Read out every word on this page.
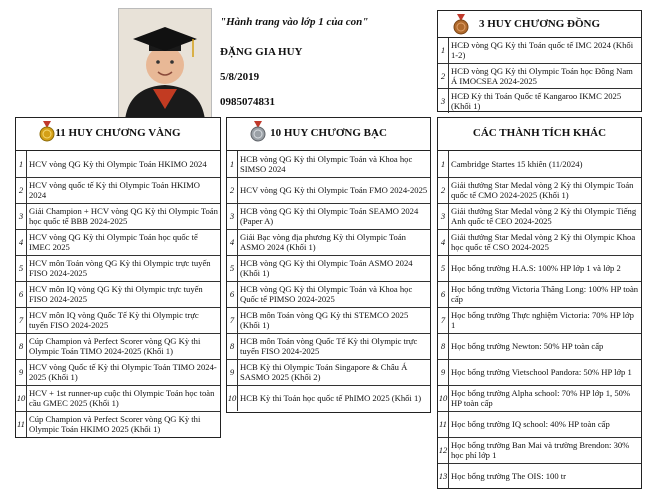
"Hành trang vào lớp 1 của con"
ĐẶNG GIA HUY
5/8/2019
0985074831
3 HUY CHƯƠNG ĐỒNG
1	HCĐ vòng QG Kỳ thi Toán quốc tế IMC 2024 (Khối 1-2)
2	HCĐ vòng QG Kỳ thi Olympic Toán học Đông Nam Á IMOCSEA 2024-2025
3	HCĐ Kỳ thi Toán Quốc tế Kangaroo IKMC 2025 (Khối 1)
11 HUY CHƯƠNG VÀNG
1	HCV vòng QG Kỳ thi Olympic Toán HKIMO 2024
2	HCV vòng quốc tế Kỳ thi Olympic Toán HKIMO 2024
3	Giải Champion + HCV vòng QG Kỳ thi Olympic Toán học quốc tế BBB 2024-2025
4	HCV vòng QG Kỳ thi Olympic Toán học quốc tế IMEC 2025
5	HCV môn Toán vòng QG Kỳ thi Olympic trực tuyến FISO 2024-2025
6	HCV môn IQ vòng QG Kỳ thi Olympic trực tuyến FISO 2024-2025
7	HCV môn IQ vòng Quốc Tế Kỳ thi Olympic trực tuyến FISO 2024-2025
8	Cúp Champion và Perfect Scorer vòng QG Kỳ thi Olympic Toán TIMO 2024-2025 (Khối 1)
9	HCV vòng Quốc tế Kỳ thi Olympic Toán TIMO 2024-2025 (Khối 1)
10	HCV + 1st runner-up cuộc thi Olympic Toán học toàn cầu GMEC 2025 (Khối 1)
11	Cúp Champion và Perfect Scorer vòng QG Kỳ thi Olympic Toán HKIMO 2025 (Khối 1)
10 HUY CHƯƠNG BẠC
1	HCB vòng QG Kỳ thi Olympic Toán và Khoa học SIMSO 2024
2	HCV vòng QG Kỳ thi Olympic Toán FMO 2024-2025
3	HCB vòng QG Kỳ thi Olympic Toán SEAMO 2024 (Paper A)
4	Giải Bạc vòng địa phương Kỳ thi Olympic Toán ASMO 2024 (Khối 1)
5	HCB vòng QG Kỳ thi Olympic Toán ASMO 2024 (Khối 1)
6	HCB vòng QG Kỳ thi Olympic Toán và Khoa học Quốc tế PIMSO 2024-2025
7	HCB môn Toán vòng QG Kỳ thi STEMCO 2025 (Khối 1)
8	HCB môn Toán vòng Quốc Tế Kỳ thi Olympic trực tuyến FISO 2024-2025
9	HCB Kỳ thi Olympic Toán Singapore & Châu Á SASMO 2025 (Khối 2)
10	HCB Kỳ thi Toán học quốc tế PhIMO 2025 (Khối 1)
CÁC THÀNH TÍCH KHÁC
1	Cambridge Startes 15 khiên (11/2024)
2	Giải thưởng Star Medal vòng 2 Kỳ thi Olympic Toán quốc tế CMO 2024-2025 (Khối 1)
3	Giải thưởng Star Medal vòng 2 Kỳ thi Olympic Tiếng Anh quốc tế CEO 2024-2025
4	Giải thưởng Star Medal vòng 2 Kỳ thi Olympic Khoa học quốc tế CSO 2024-2025
5	Học bổng trường H.A.S: 100% HP lớp 1 và lớp 2
6	Học bổng trường Victoria Thăng Long: 100% HP toàn cấp
7	Học bổng trường Thực nghiệm Victoria: 70% HP lớp 1
8	Học bổng trường Newton: 50% HP toàn cấp
9	Học bổng trường Vietschool Pandora: 50% HP lớp 1
10	Học bổng trường Alpha school: 70% HP lớp 1, 50% HP toàn cấp
11	Học bổng trường IQ school: 40% HP toàn cấp
12	Học bổng trường Ban Mai và trường Brendon: 30% học phí lớp 1
13	Học bổng trường The OIS: 100 tr
